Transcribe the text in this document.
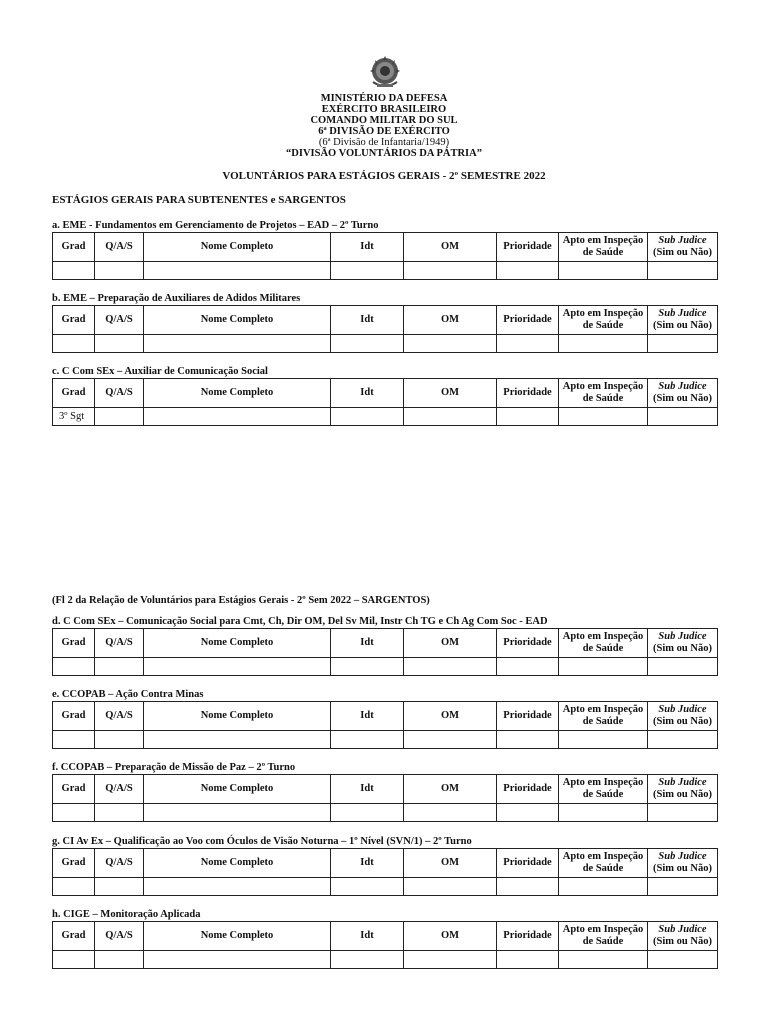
MINISTÉRIO DA DEFESA
EXÉRCITO BRASILEIRO
COMANDO MILITAR DO SUL
6ª DIVISÃO DE EXÉRCITO
(6ª Divisão de Infantaria/1949)
“DIVISÃO VOLUNTÁRIOS DA PÁTRIA”
VOLUNTÁRIOS PARA ESTÁGIOS GERAIS - 2º SEMESTRE 2022
ESTÁGIOS GERAIS PARA SUBTENENTES e SARGENTOS
(Fl 2 da Relação de Voluntários para Estágios Gerais - 2º Sem 2022 – SARGENTOS)
a. EME - Fundamentos em Gerenciamento de Projetos – EAD – 2º Turno
Grad	Q/A/S	Nome Completo	Idt	OM	Prioridade	Apto em Inspeção de Saúde	Sub Judice
(Sim ou Não)

b. EME – Preparação de Auxiliares de Adidos Militares
Grad	Q/A/S	Nome Completo	Idt	OM	Prioridade	Apto em Inspeção de Saúde	Sub Judice
(Sim ou Não)

c. C Com SEx – Auxiliar de Comunicação Social
Grad	Q/A/S	Nome Completo	Idt	OM	Prioridade	Apto em Inspeção de Saúde	Sub Judice
(Sim ou Não)
3º Sgt							
d. C Com SEx – Comunicação Social para Cmt, Ch, Dir OM, Del Sv Mil, Instr Ch TG e Ch Ag Com Soc - EAD
Grad	Q/A/S	Nome Completo	Idt	OM	Prioridade	Apto em Inspeção de Saúde	Sub Judice
(Sim ou Não)

e. CCOPAB – Ação Contra Minas
Grad	Q/A/S	Nome Completo	Idt	OM	Prioridade	Apto em Inspeção de Saúde	Sub Judice
(Sim ou Não)

f. CCOPAB – Preparação de Missão de Paz – 2º Turno
Grad	Q/A/S	Nome Completo	Idt	OM	Prioridade	Apto em Inspeção de Saúde	Sub Judice
(Sim ou Não)

g. CI Av Ex – Qualificação ao Voo com Óculos de Visão Noturna – 1º Nível (SVN/1) – 2º Turno
Grad	Q/A/S	Nome Completo	Idt	OM	Prioridade	Apto em Inspeção de Saúde	Sub Judice
(Sim ou Não)

h. CIGE – Monitoração Aplicada
Grad	Q/A/S	Nome Completo	Idt	OM	Prioridade	Apto em Inspeção de Saúde	Sub Judice
(Sim ou Não)
